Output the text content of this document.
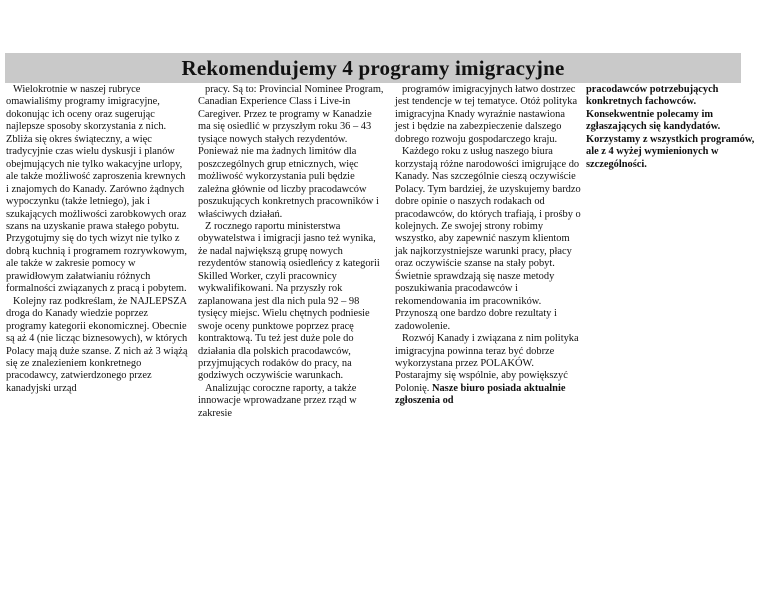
Rekomendujemy 4 programy imigracyjne

Wielokrotnie w naszej rubryce omawialiśmy programy imigracyjne, dokonując ich oceny oraz sugerując najlepsze sposoby skorzystania z nich. Zbliża się okres świąteczny, a więc tradycyjnie czas wielu dyskusji i planów obejmujących nie tylko wakacyjne urlopy, ale także możliwość zaproszenia krewnych i znajomych do Kanady. Zarówno żądnych wypoczynku (także letniego), jak i szukających możliwości zarobkowych oraz szans na uzyskanie prawa stałego pobytu. Przygotujmy się do tych wizyt nie tylko z dobrą kuchnią i programem rozrywkowym, ale także w zakresie pomocy w prawidłowym załatwianiu różnych formalności związanych z pracą i pobytem.

Kolejny raz podkreślam, że NAJLEPSZA droga do Kanady wiedzie poprzez programy kategorii ekonomicznej. Obecnie są aż 4 (nie licząc biznesowych), w których Polacy mają duże szanse. Z nich aż 3 wiążą się ze znalezieniem konkretnego pracodawcy, zatwierdzonego przez kanadyjski urząd

pracy. Są to: Provincial Nominee Program, Canadian Experience Class i Live-in Caregiver. Przez te programy w Kanadzie ma się osiedlić w przyszłym roku 36 – 43 tysiące nowych stałych rezydentów. Ponieważ nie ma żadnych limitów dla poszczególnych grup etnicznych, więc możliwość wykorzystania puli będzie zależna głównie od liczby pracodawców poszukujących konkretnych pracowników i właściwych działań.

Z rocznego raportu ministerstwa obywatelstwa i imigracji jasno też wynika, że nadal największą grupę nowych rezydentów stanowią osiedleńcy z kategorii Skilled Worker, czyli pracownicy wykwalifikowani. Na przyszły rok zaplanowana jest dla nich pula 92 – 98 tysięcy miejsc. Wielu chętnych podniesie swoje oceny punktowe poprzez pracę kontraktową. Tu też jest duże pole do działania dla polskich pracodawców, przyjmujących rodaków do pracy, na godziwych oczywiście warunkach.

Analizując coroczne raporty, a także innowacje wprowadzane przez rząd w zakresie

programów imigracyjnych łatwo dostrzec jest tendencje w tej tematyce. Otóż polityka imigracyjna Knady wyraźnie nastawiona jest i będzie na zabezpieczenie dalszego dobrego rozwoju gospodarczego kraju.

Każdego roku z usług naszego biura korzystają różne narodowości imigrujące do Kanady. Nas szczególnie cieszą oczywiście Polacy. Tym bardziej, że uzyskujemy bardzo dobre opinie o naszych rodakach od pracodawców, do których trafiają, i prośby o kolejnych. Ze swojej strony robimy wszystko, aby zapewnić naszym klientom jak najkorzystniejsze warunki pracy, płacy oraz oczywiście szanse na stały pobyt. Świetnie sprawdzają się nasze metody poszukiwania pracodawców i rekomendowania im pracowników. Przynoszą one bardzo dobre rezultaty i zadowolenie.

Rozwój Kanady i związana z nim polityka imigracyjna powinna teraz być dobrze wykorzystana przez POLAKÓW. Postarajmy się wspólnie, aby powiększyć Polonię. Nasze biuro posiada aktualnie zgłoszenia od

pracodawców potrzebujących konkretnych fachowców. Konsekwentnie polecamy im zgłaszających się kandydatów. Korzystamy z wszystkich programów, ale z 4 wyżej wymienionych w szczególności.
